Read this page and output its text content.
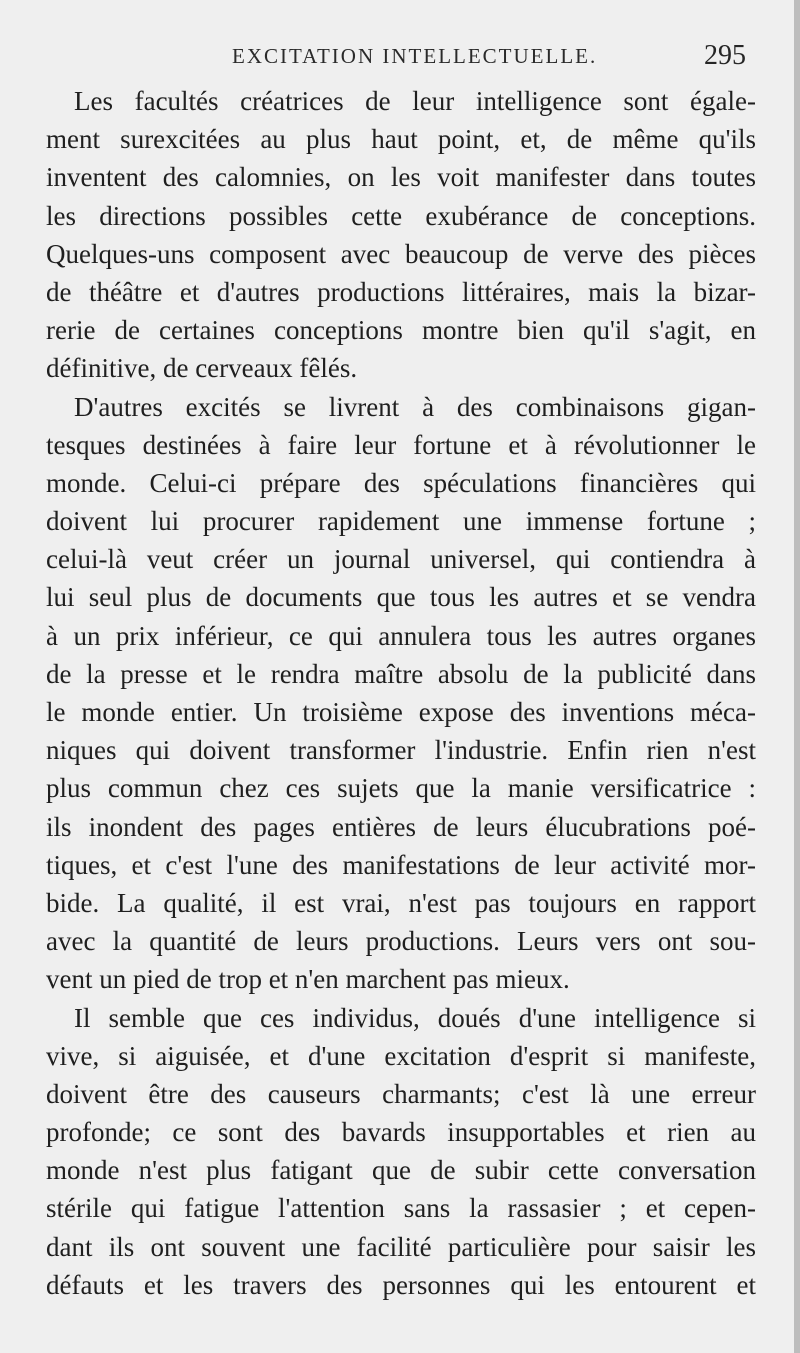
EXCITATION INTELLECTUELLE.	295
Les facultés créatrices de leur intelligence sont égale-
ment surexcitées au plus haut point, et, de même qu'ils
inventent des calomnies, on les voit manifester dans toutes
les directions possibles cette exubérance de conceptions.
Quelques-uns composent avec beaucoup de verve des pièces
de théâtre et d'autres productions littéraires, mais la bizar-
rerie de certaines conceptions montre bien qu'il s'agit, en
définitive, de cerveaux fêlés.
D'autres excités se livrent à des combinaisons gigan-
tesques destinées à faire leur fortune et à révolutionner le
monde. Celui-ci prépare des spéculations financières qui
doivent lui procurer rapidement une immense fortune ;
celui-là veut créer un journal universel, qui contiendra à
lui seul plus de documents que tous les autres et se vendra
à un prix inférieur, ce qui annulera tous les autres organes
de la presse et le rendra maître absolu de la publicité dans
le monde entier. Un troisième expose des inventions méca-
niques qui doivent transformer l'industrie. Enfin rien n'est
plus commun chez ces sujets que la manie versificatrice :
ils inondent des pages entières de leurs élucubrations poé-
tiques, et c'est l'une des manifestations de leur activité mor-
bide. La qualité, il est vrai, n'est pas toujours en rapport
avec la quantité de leurs productions. Leurs vers ont sou-
vent un pied de trop et n'en marchent pas mieux.
Il semble que ces individus, doués d'une intelligence si
vive, si aiguisée, et d'une excitation d'esprit si manifeste,
doivent être des causeurs charmants; c'est là une erreur
profonde; ce sont des bavards insupportables et rien au
monde n'est plus fatigant que de subir cette conversation
stérile qui fatigue l'attention sans la rassasier ; et cepen-
dant ils ont souvent une facilité particulière pour saisir les
défauts et les travers des personnes qui les entourent et
